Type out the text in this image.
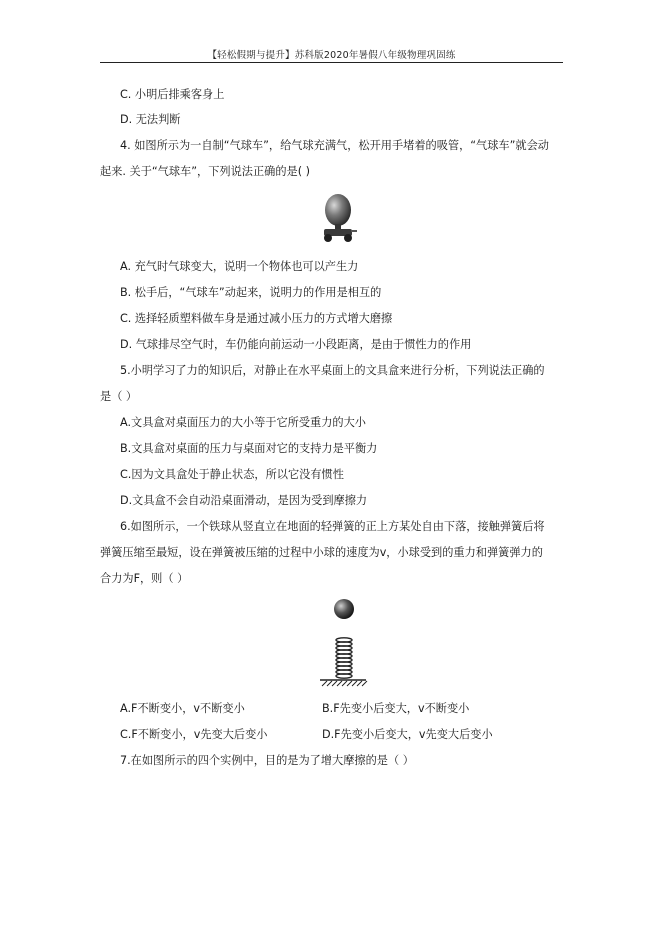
【轻松假期与提升】苏科版2020年暑假八年级物理巩固练
C. 小明后排乘客身上
D. 无法判断
4. 如图所示为一自制“气球车”，给气球充满气，松开用手堵着的吸管，“气球车”就会动
起来. 关于“气球车”，下列说法正确的是( )
A. 充气时气球变大，说明一个物体也可以产生力
B. 松手后，“气球车”动起来，说明力的作用是相互的
C. 选择轻质塑料做车身是通过减小压力的方式增大磨擦
D. 气球排尽空气时，车仍能向前运动一小段距离，是由于惯性力的作用
5.小明学习了力的知识后，对静止在水平桌面上的文具盒来进行分析，下列说法正确的
是（ ）
A.文具盒对桌面压力的大小等于它所受重力的大小
B.文具盒对桌面的压力与桌面对它的支持力是平衡力
C.因为文具盒处于静止状态，所以它没有惯性
D.文具盒不会自动沿桌面滑动，是因为受到摩擦力
6.如图所示，一个铁球从竖直立在地面的轻弹簧的正上方某处自由下落，接触弹簧后将
弹簧压缩至最短，设在弹簧被压缩的过程中小球的速度为v，小球受到的重力和弹簧弹力的
合力为F，则（ ）
A.F不断变小，v不断变小	B.F先变小后变大，v不断变小
C.F不断变小，v先变大后变小	D.F先变小后变大，v先变大后变小
7.在如图所示的四个实例中，目的是为了增大摩擦的是（ ）
